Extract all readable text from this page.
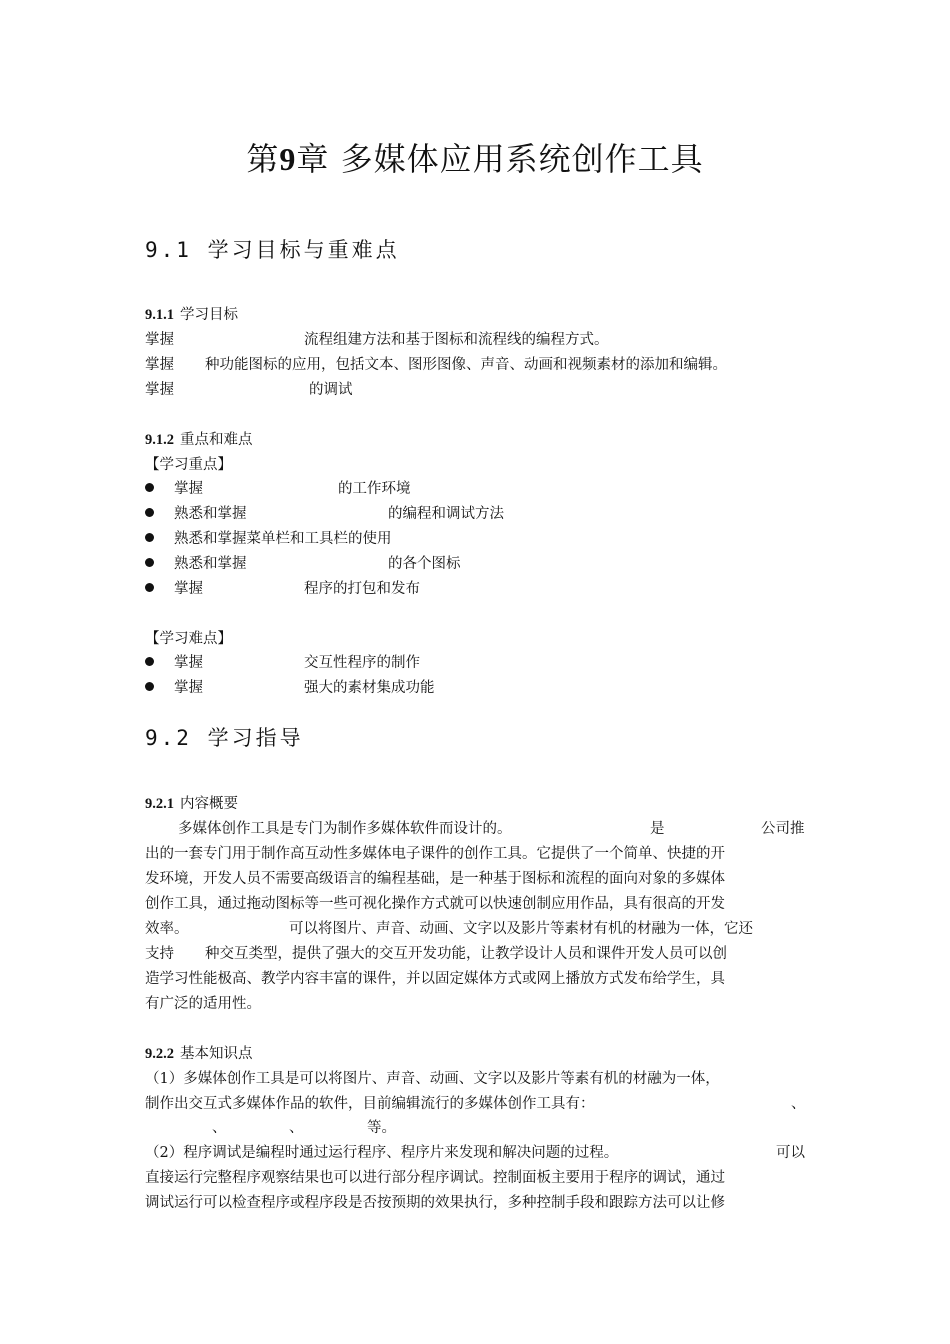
第9章 多媒体应用系统创作工具
9.1 学习目标与重难点
9.1.1 学习目标
掌握	流程组建方法和基于图标和流程线的编程方式。
掌握 种功能图标的应用，包括文本、图形图像、声音、动画和视频素材的添加和编辑。
掌握	的调试
9.1.2 重点和难点
【学习重点】
掌握	的工作环境
熟悉和掌握	的编程和调试方法
熟悉和掌握菜单栏和工具栏的使用
熟悉和掌握	的各个图标
掌握	程序的打包和发布
【学习难点】
掌握	交互性程序的制作
掌握	强大的素材集成功能
9.2 学习指导
9.2.1 内容概要
多媒体创作工具是专门为制作多媒体软件而设计的。	是	公司推
出的一套专门用于制作高互动性多媒体电子课件的创作工具。它提供了一个简单、快捷的开
发环境，开发人员不需要高级语言的编程基础，是一种基于图标和流程的面向对象的多媒体
创作工具，通过拖动图标等一些可视化操作方式就可以快速创制应用作品，具有很高的开发
效率。	可以将图片、声音、动画、文字以及影片等素材有机的材融为一体，它还
支持 种交互类型，提供了强大的交互开发功能，让教学设计人员和课件开发人员可以创
造学习性能极高、教学内容丰富的课件，并以固定媒体方式或网上播放方式发布给学生，具
有广泛的适用性。
9.2.2 基本知识点
（1）多媒体创作工具是可以将图片、声音、动画、文字以及影片等素有机的材融为一体，
制作出交互式多媒体作品的软件，目前编辑流行的多媒体创作工具有：	、
、	、	等。
（2）程序调试是编程时通过运行程序、程序片来发现和解决问题的过程。	可以
直接运行完整程序观察结果也可以进行部分程序调试。控制面板主要用于程序的调试，通过
调试运行可以检查程序或程序段是否按预期的效果执行，多种控制手段和跟踪方法可以让修
